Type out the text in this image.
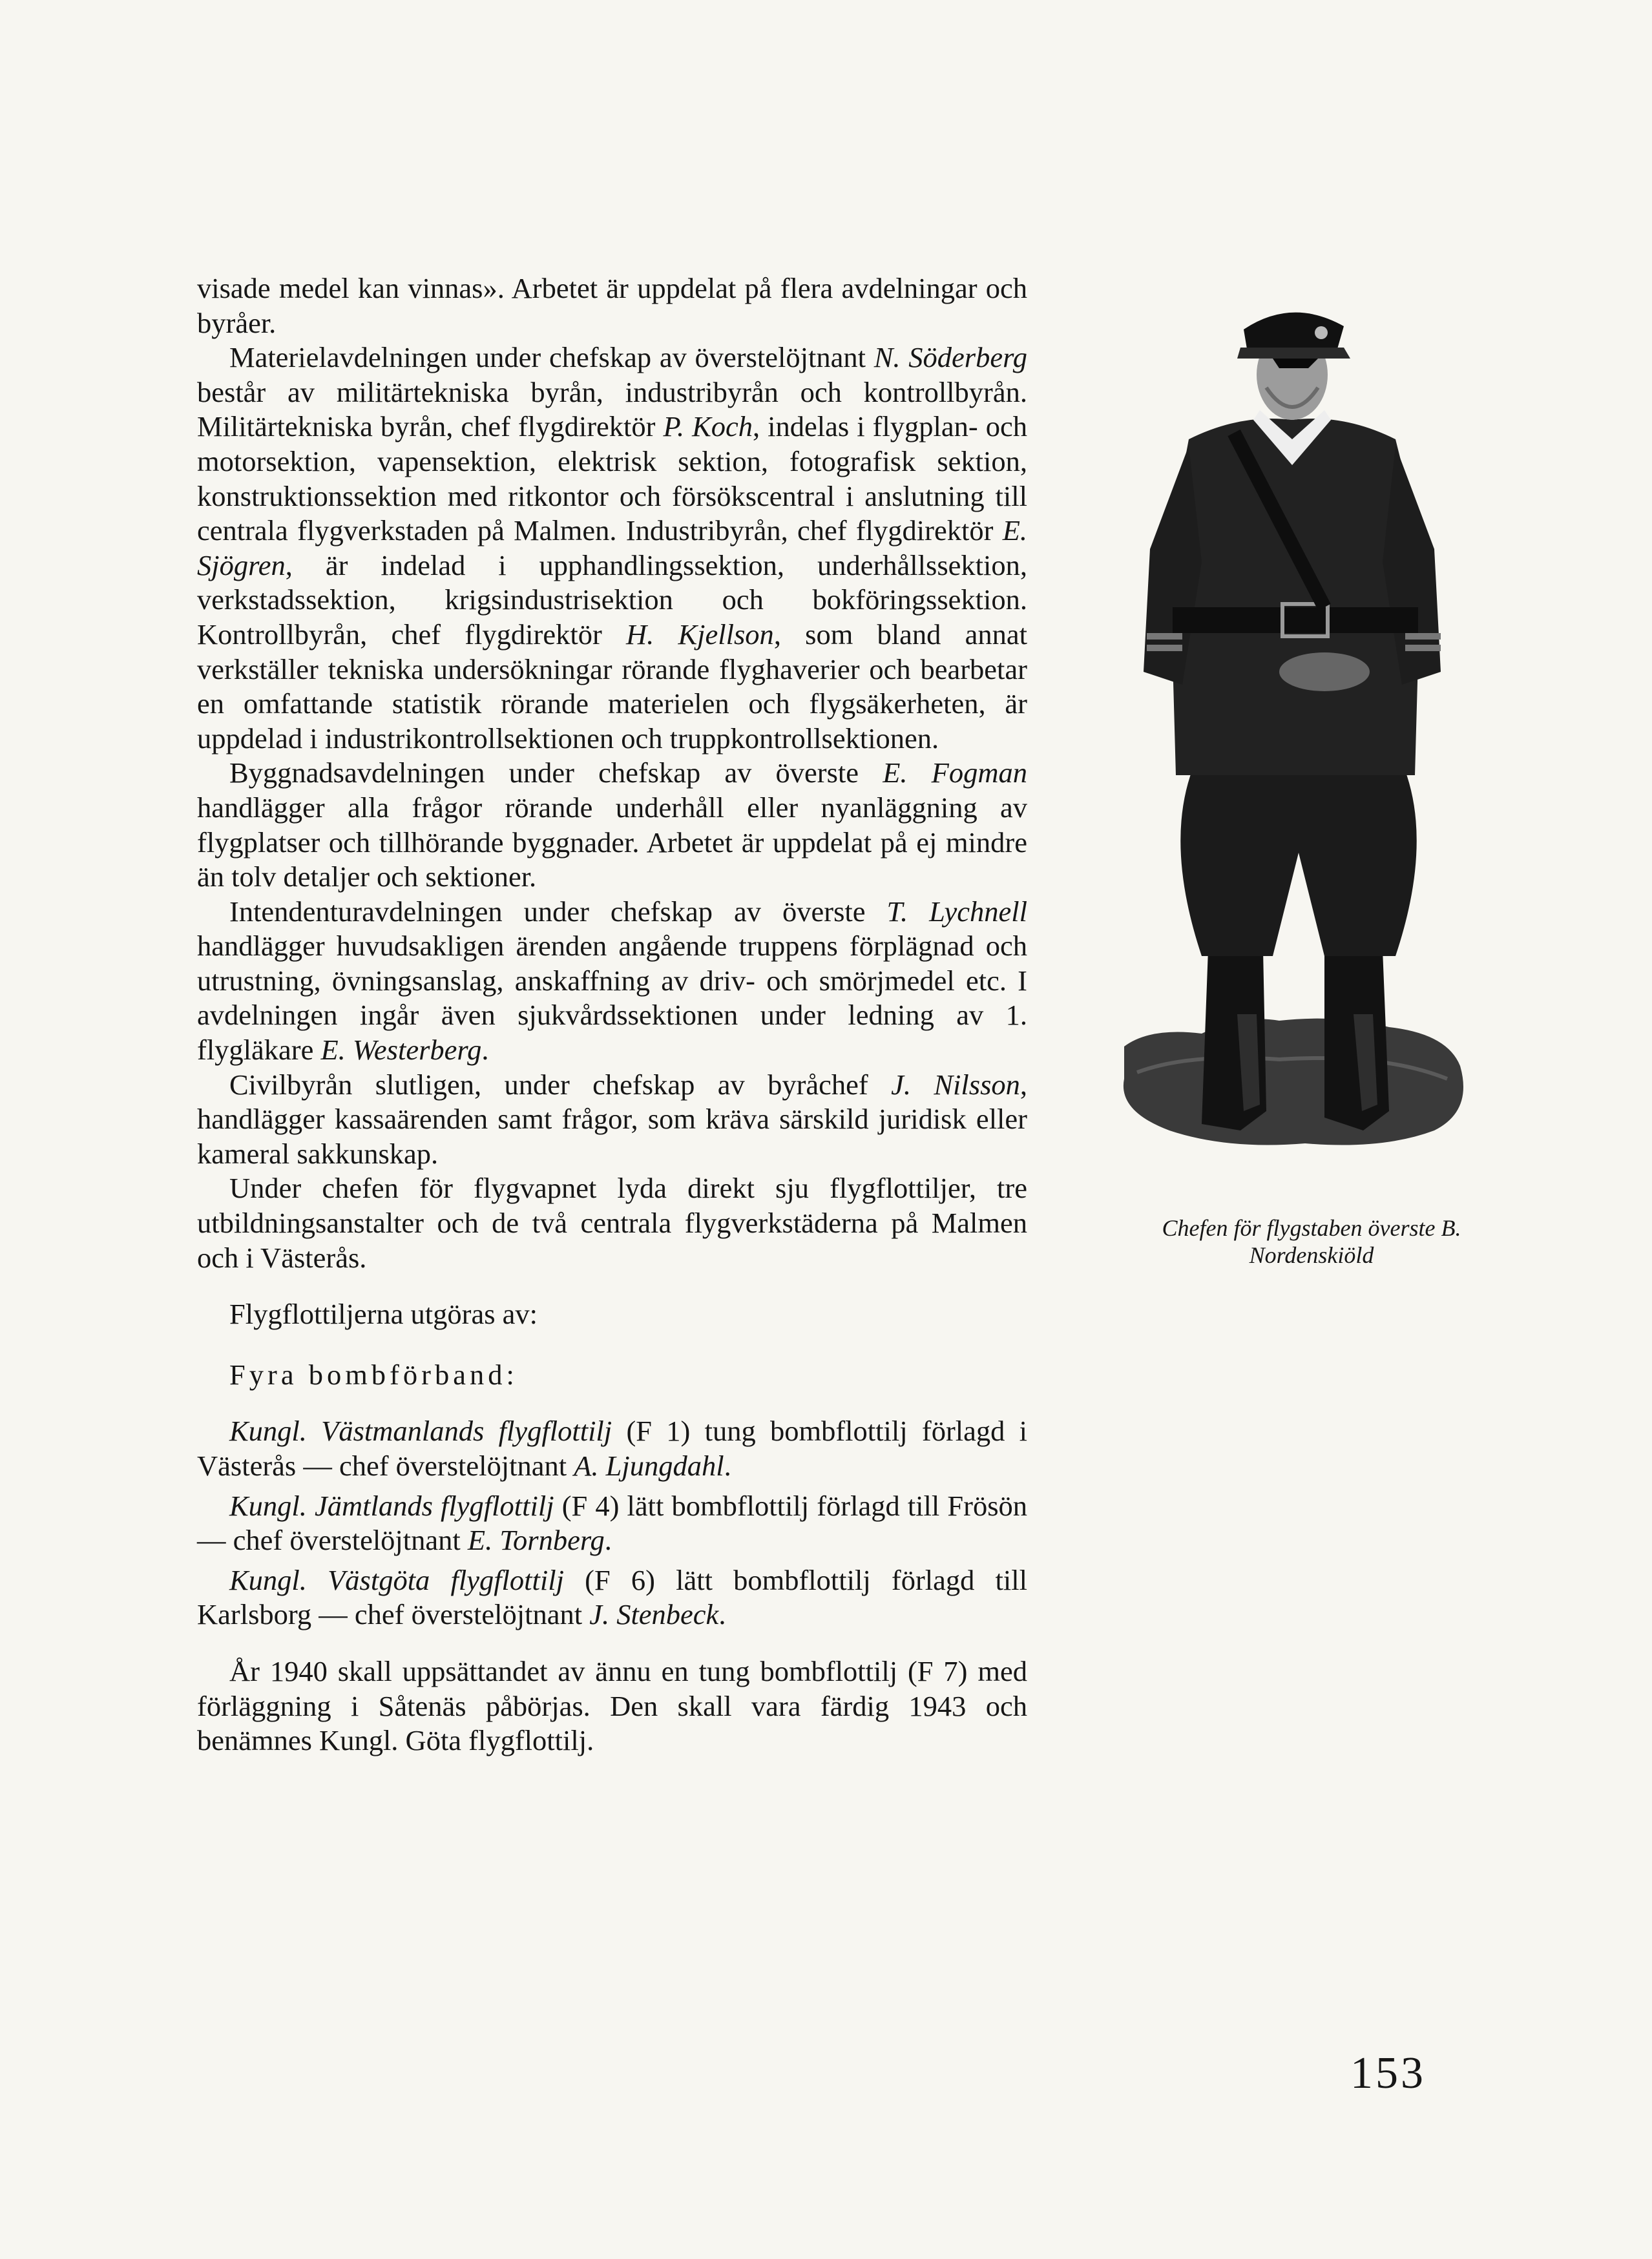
visade medel kan vinnas». Arbetet är uppdelat på flera avdelningar och byråer.

Materielavdelningen under chefskap av överstelöjtnant N. Söderberg består av militärtekniska byrån, industribyrån och kontrollbyrån. Militärtekniska byrån, chef flygdirektör P. Koch, indelas i flygplan- och motorsektion, vapensektion, elektrisk sektion, fotografisk sektion, konstruktionssektion med ritkontor och försökscentral i anslutning till centrala flygverkstaden på Malmen. Industribyrån, chef flygdirektör E. Sjögren, är indelad i upphandlingssektion, underhållssektion, verkstadssektion, krigsindustrisektion och bokföringssektion. Kontrollbyrån, chef flygdirektör H. Kjellson, som bland annat verkställer tekniska undersökningar rörande flyghaverier och bearbetar en omfattande statistik rörande materielen och flygsäkerheten, är uppdelad i industrikontrollsektionen och truppkontrollsektionen.

Byggnadsavdelningen under chefskap av överste E. Fogman handlägger alla frågor rörande underhåll eller nyanläggning av flygplatser och tillhörande byggnader. Arbetet är uppdelat på ej mindre än tolv detaljer och sektioner.

Intendenturavdelningen under chefskap av överste T. Lychnell handlägger huvudsakligen ärenden angående truppens förplägnad och utrustning, övningsanslag, anskaffning av driv- och smörjmedel etc. I avdelningen ingår även sjukvårdssektionen under ledning av 1. flygläkare E. Westerberg.

Civilbyrån slutligen, under chefskap av byråchef J. Nilsson, handlägger kassaärenden samt frågor, som kräva särskild juridisk eller kameral sakkunskap.

Under chefen för flygvapnet lyda direkt sju flygflottiljer, tre utbildningsanstalter och de två centrala flygverkstäderna på Malmen och i Västerås.

Flygflottiljerna utgöras av:

Fyra bombförband:

Kungl. Västmanlands flygflottilj (F 1) tung bombflottilj förlagd i Västerås — chef överstelöjtnant A. Ljungdahl.

Kungl. Jämtlands flygflottilj (F 4) lätt bombflottilj förlagd till Frösön — chef överstelöjtnant E. Tornberg.

Kungl. Västgöta flygflottilj (F 6) lätt bombflottilj förlagd till Karlsborg — chef överstelöjtnant J. Stenbeck.

År 1940 skall uppsättandet av ännu en tung bombflottilj (F 7) med förläggning i Såtenäs påbörjas. Den skall vara färdig 1943 och benämnes Kungl. Göta flygflottilj.

Chefen för flygstaben överste B.
Nordenskiöld
153
